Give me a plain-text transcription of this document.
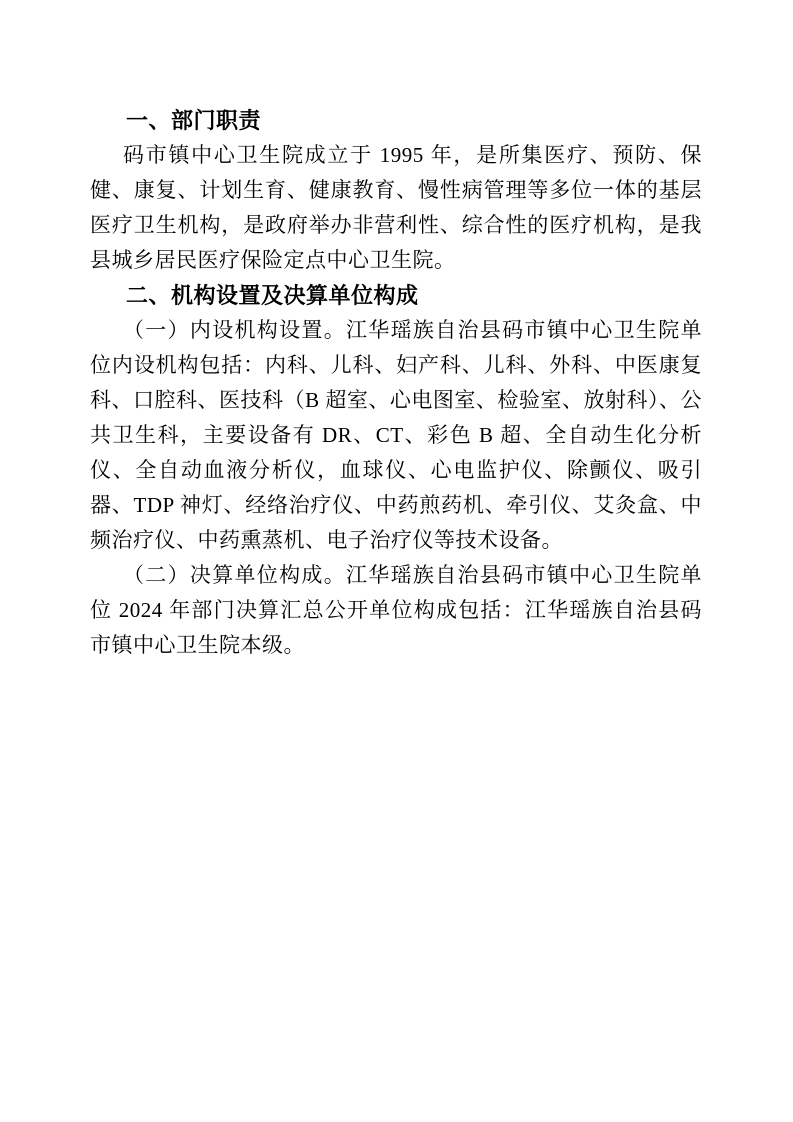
一、部门职责

码市镇中心卫生院成立于 1995 年，是所集医疗、预防、保健、康复、计划生育、健康教育、慢性病管理等多位一体的基层医疗卫生机构，是政府举办非营利性、综合性的医疗机构，是我县城乡居民医疗保险定点中心卫生院。

二、机构设置及决算单位构成

（一）内设机构设置。江华瑶族自治县码市镇中心卫生院单位内设机构包括：内科、儿科、妇产科、儿科、外科、中医康复科、口腔科、医技科（B 超室、心电图室、检验室、放射科）、公共卫生科，主要设备有 DR、CT、彩色 B 超、全自动生化分析仪、全自动血液分析仪，血球仪、心电监护仪、除颤仪、吸引器、TDP 神灯、经络治疗仪、中药煎药机、牵引仪、艾灸盒、中频治疗仪、中药熏蒸机、电子治疗仪等技术设备。

（二）决算单位构成。江华瑶族自治县码市镇中心卫生院单位 2024 年部门决算汇总公开单位构成包括：江华瑶族自治县码市镇中心卫生院本级。
